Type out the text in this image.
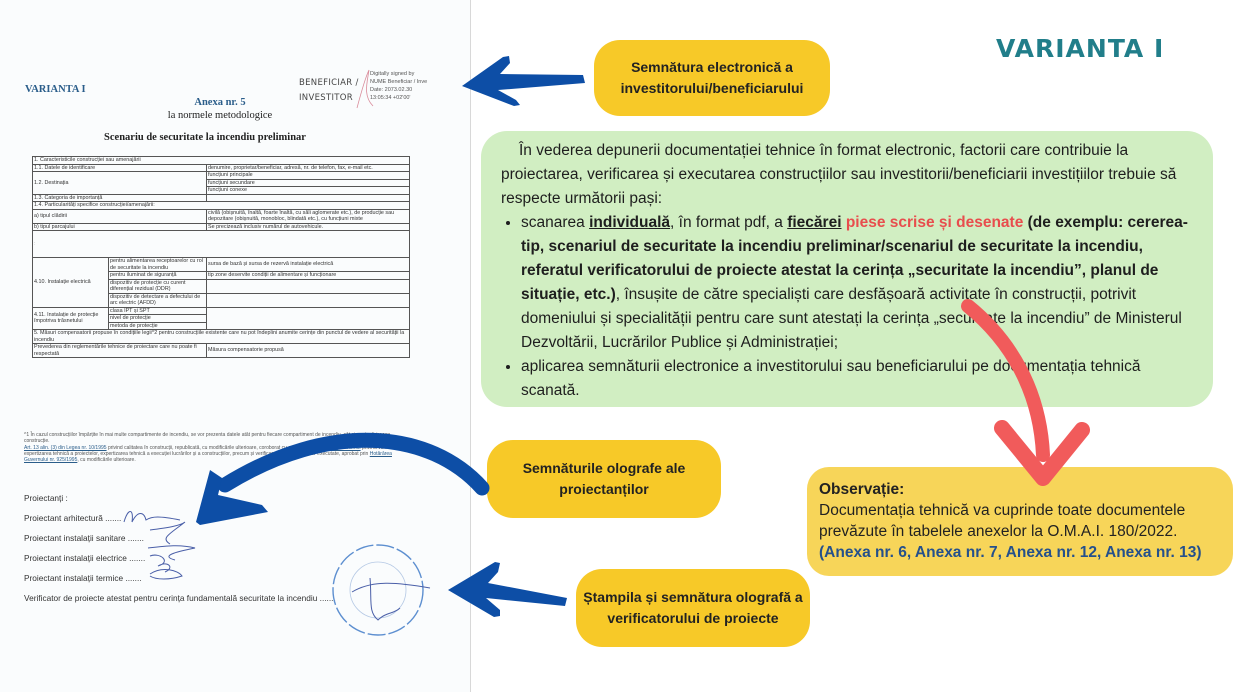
VARIANTA I
Anexa nr. 5
la normele metodologice
BENEFICIAR /
INVESTITOR
Digitally signed by
NUME Beneficiar / Inve
Date: 2073.02.30
13:05:34 +02'00'
Scenariu de securitate la incendiu preliminar
1. Caracteristicile construcției sau amenajării		
1.1. Datele de identificare		denumire, proprietar/beneficiar, adresă, nr. de telefon, fax, e-mail etc.
1.2. Destinația		funcțiuni principale
		funcțiuni secundare
		funcțiuni conexe
1.3. Categoria de importanță		
1.4. Particularități specifice construcției/amenajării:		
a) tipul clădirii		civilă (obișnuită, înaltă, foarte înaltă, cu săli aglomerate etc.), de producție sau depozitare (obișnuită, monobloc, blindată etc.), cu funcțiuni mixte
b) tipul parcajului		Se precizează inclusiv numărul de autovehicule.
:		
4.10. Instalație electrică	pentru alimentarea receptoarelor cu rol de securitate la incendiu	sursa de bază și sursa de rezervă instalație electrică
	pentru iluminat de siguranță	tip zone deservite condiții de alimentare și funcționare
	dispozitiv de protecție cu curent diferențial rezidual (DDR)	
	dispozitiv de detectare a defectului de arc electric (AFDD)	
4.11. Instalație de protecție împotriva trăsnetului	clasa IPT și SPT	
	nivel de protecție	
	metoda de protecție	
5. Măsuri compensatorii propuse în condițiile legii^2 pentru construcțiile existente care nu pot îndeplini anumite cerințe din punctul de vedere al securității la incendiu		
Prevederea din reglementările tehnice de proiectare care nu poate fi respectată		Măsura compensatorie propusă
^1 În cazul construcțiilor împărțite în mai multe compartimente de incendiu, se vor prezenta datele atât pentru fiecare compartiment de incendiu, cât și pentru întreaga construcție.
Art. 13 alin. (3) din Legea nr. 10/1995 privind calitatea în construcții, republicată, cu modificările ulterioare, coroborat cu art. 9 și art. 12 din Regulamentul privind verificarea și expertizarea tehnică a proiectelor, expertizarea tehnică a execuției lucrărilor și a construcțiilor, precum și verificarea calității lucrărilor executate, aprobat prin Hotărârea Guvernului nr. 925/1995, cu modificările ulterioare.
Proiectanți :
Proiectant arhitectură .......
Proiectant instalații sanitare .......
Proiectant instalații electrice .......
Proiectant instalații termice .......
Verificator de proiecte atestat pentru cerința fundamentală securitate la incendiu .......
VARIANTA I
Semnătura electronică a investitorului/beneficiarului

În vederea depunerii documentației tehnice în format electronic, factorii care contribuie la proiectarea, verificarea și executarea construcțiilor sau investitorii/beneficiarii investițiilor trebuie să respecte următorii pași:

• scanarea individuală, în format pdf, a fiecărei piese scrise și desenate (de exemplu: cererea-tip, scenariul de securitate la incendiu preliminar/scenariul de securitate la incendiu, referatul verificatorului de proiecte atestat la cerința „securitate la incendiu”, planul de situație, etc.), însușite de către specialiști care desfășoară activitate în construcții, potrivit domeniului și specialității pentru care sunt atestați la cerința „securitate la incendiu” de Ministerul Dezvoltării, Lucrărilor Publice și Administrației;
• aplicarea semnăturii electronice a investitorului sau beneficiarului pe documentația tehnică scanată.
Observație:
Documentația tehnică va cuprinde toate documentele prevăzute în tabelele anexelor la O.M.A.I. 180/2022.
(Anexa nr. 6, Anexa nr. 7, Anexa nr. 12, Anexa nr. 13)
Semnăturile olografe ale proiectanților
Ștampila și semnătura olografă a verificatorului de proiecte
